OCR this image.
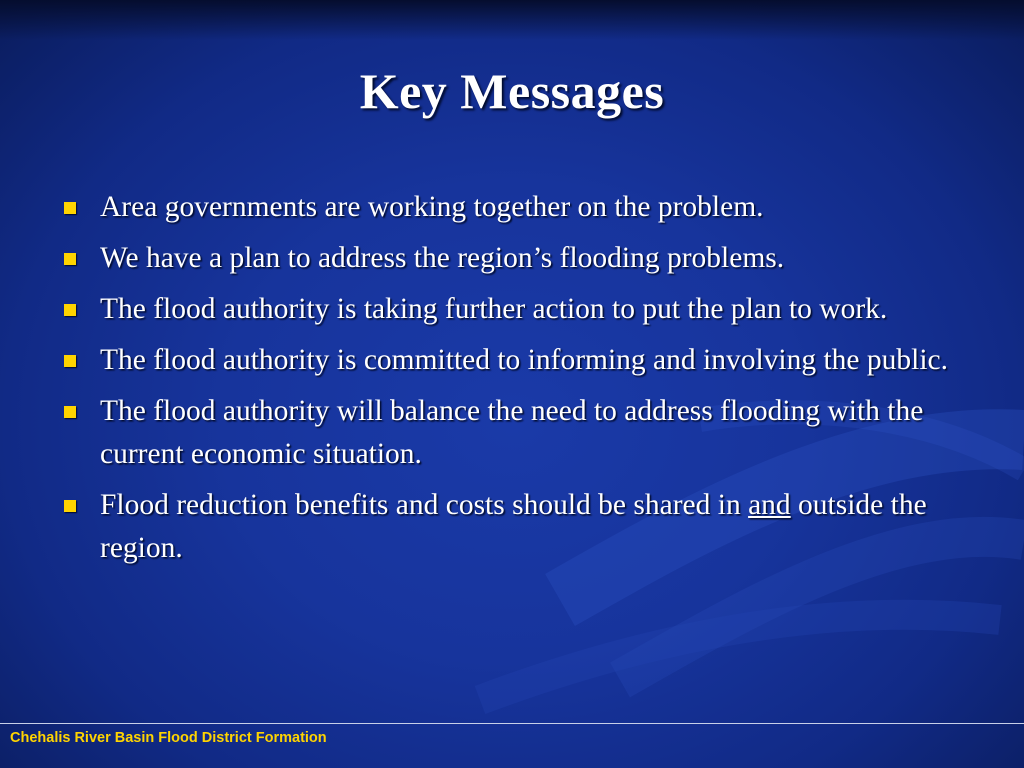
Key Messages
Area governments are working together on the problem.
We have a plan to address the region’s flooding problems.
The flood authority is taking further action to put the plan to work.
The flood authority is committed to informing and involving the public.
The flood authority will balance the need to address flooding with the current economic situation.
Flood reduction benefits and costs should be shared in and outside the region.
Chehalis River Basin Flood District Formation
